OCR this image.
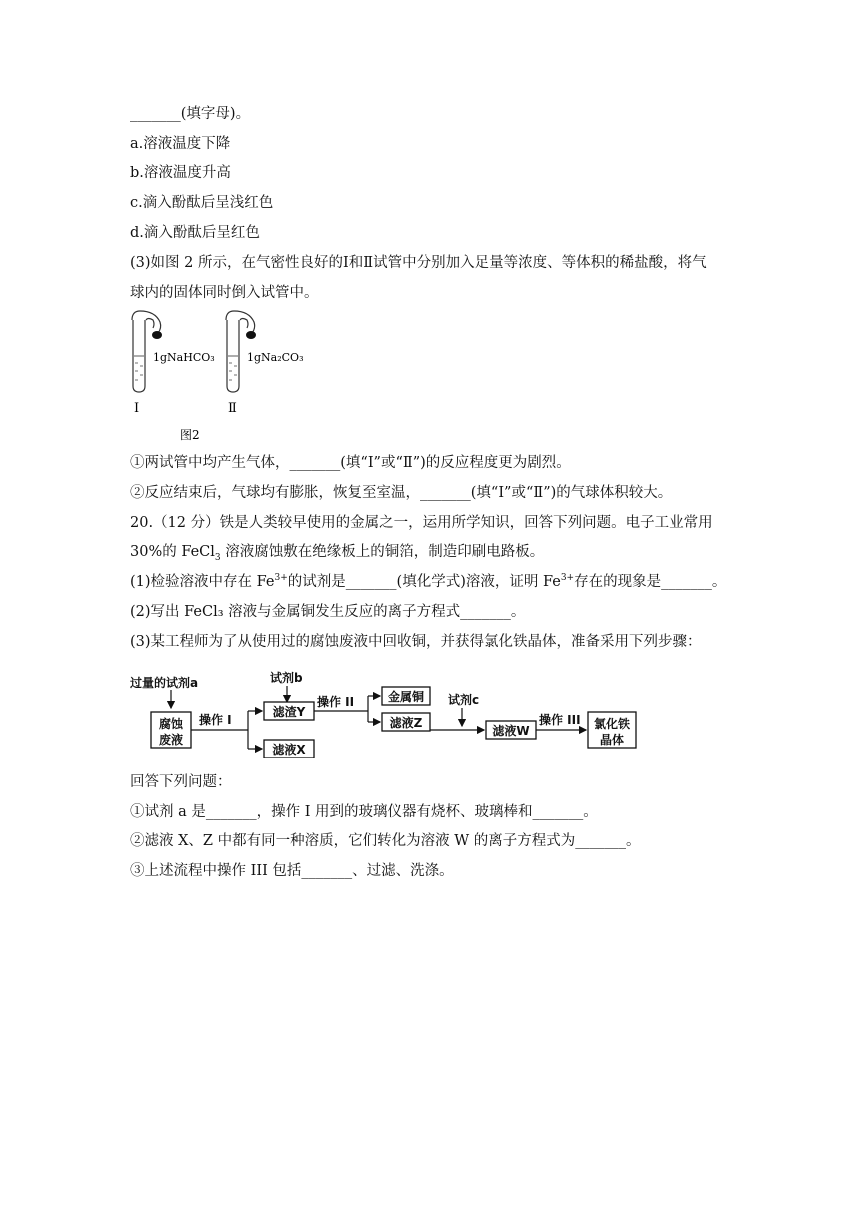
_______(填字母)。
a.溶液温度下降
b.溶液温度升高
c.滴入酚酞后呈浅红色
d.滴入酚酞后呈红色
(3)如图 2 所示，在气密性良好的Ⅰ和Ⅱ试管中分别加入足量等浓度、等体积的稀盐酸，将气
球内的固体同时倒入试管中。
1gNaHCO₃
Ⅰ
1gNa₂CO₃
Ⅱ
图2
①两试管中均产生气体，_______(填“Ⅰ”或“Ⅱ”)的反应程度更为剧烈。
②反应结束后，气球均有膨胀，恢复至室温，_______(填“Ⅰ”或“Ⅱ”)的气球体积较大。
20.（12 分）铁是人类较早使用的金属之一，运用所学知识，回答下列问题。电子工业常用
30%的 FeCl$_3$ 溶液腐蚀敷在绝缘板上的铜箔，制造印刷电路板。
(1)检验溶液中存在 $Fe^{3+}$的试剂是_______(填化学式)溶液，证明 $Fe^{3+}$存在的现象是_______。
(2)写出 FeCl₃ 溶液与金属铜发生反应的离子方程式_______。
(3)某工程师为了从使用过的腐蚀废液中回收铜，并获得氯化铁晶体，准备采用下列步骤：
过量的试剂a
腐蚀
废液
操作 I
试剂b
滤渣Y
操作 II	金属铜
滤液Z
滤液X
试剂c
滤液W
操作 III 氯化铁
晶体
回答下列问题：
①试剂 a 是_______，操作 I 用到的玻璃仪器有烧杯、玻璃棒和_______。
②滤液 X、Z 中都有同一种溶质，它们转化为溶液 W 的离子方程式为_______。
③上述流程中操作 III 包括_______、过滤、洗涤。
